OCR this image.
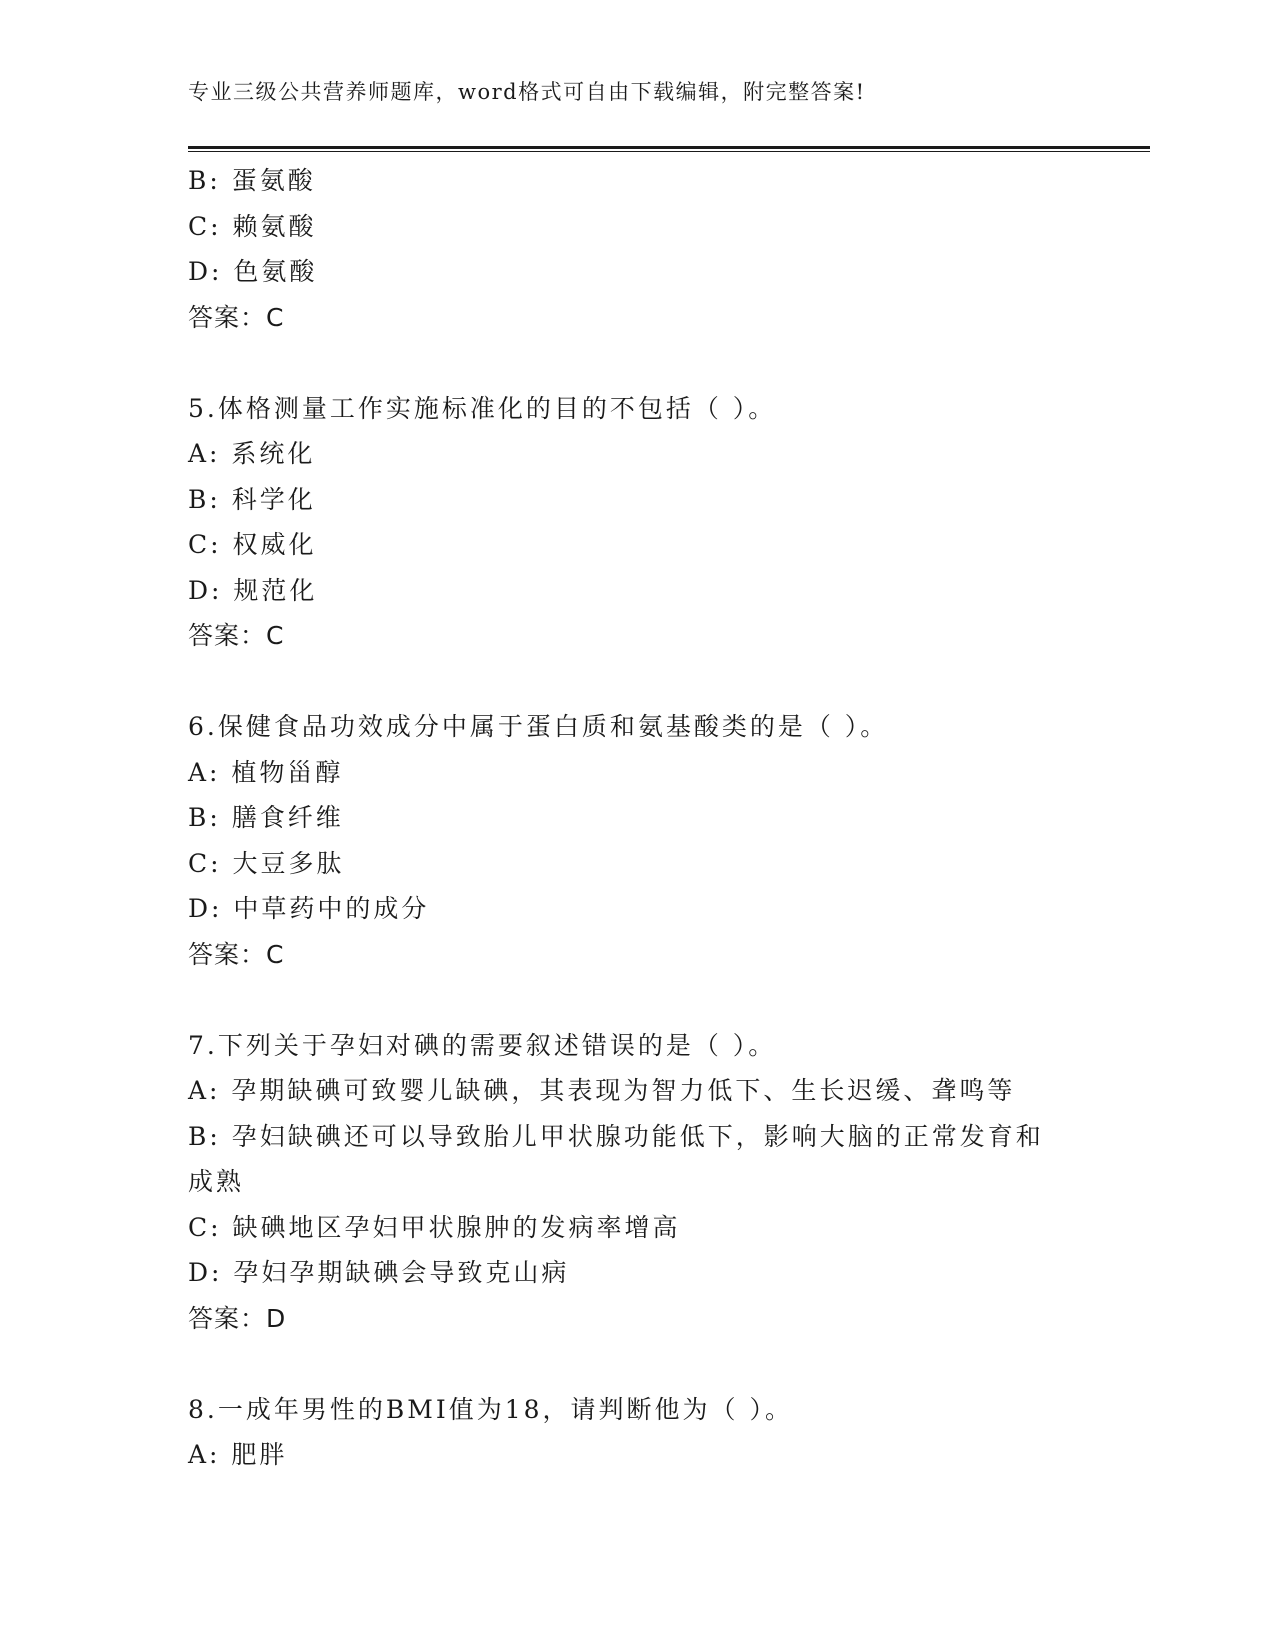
专业三级公共营养师题库，word格式可自由下载编辑，附完整答案!
B: 蛋氨酸
C: 赖氨酸
D: 色氨酸
答案：C
5.体格测量工作实施标准化的目的不包括（ ）。
A: 系统化
B: 科学化
C: 权威化
D: 规范化
答案：C
6.保健食品功效成分中属于蛋白质和氨基酸类的是（ ）。
A: 植物甾醇
B: 膳食纤维
C: 大豆多肽
D: 中草药中的成分
答案：C
7.下列关于孕妇对碘的需要叙述错误的是（ ）。
A: 孕期缺碘可致婴儿缺碘，其表现为智力低下、生长迟缓、聋鸣等
B: 孕妇缺碘还可以导致胎儿甲状腺功能低下，影响大脑的正常发育和
成熟
C: 缺碘地区孕妇甲状腺肿的发病率增高
D: 孕妇孕期缺碘会导致克山病
答案：D
8.一成年男性的BMI值为18，请判断他为（ ）。
A: 肥胖
